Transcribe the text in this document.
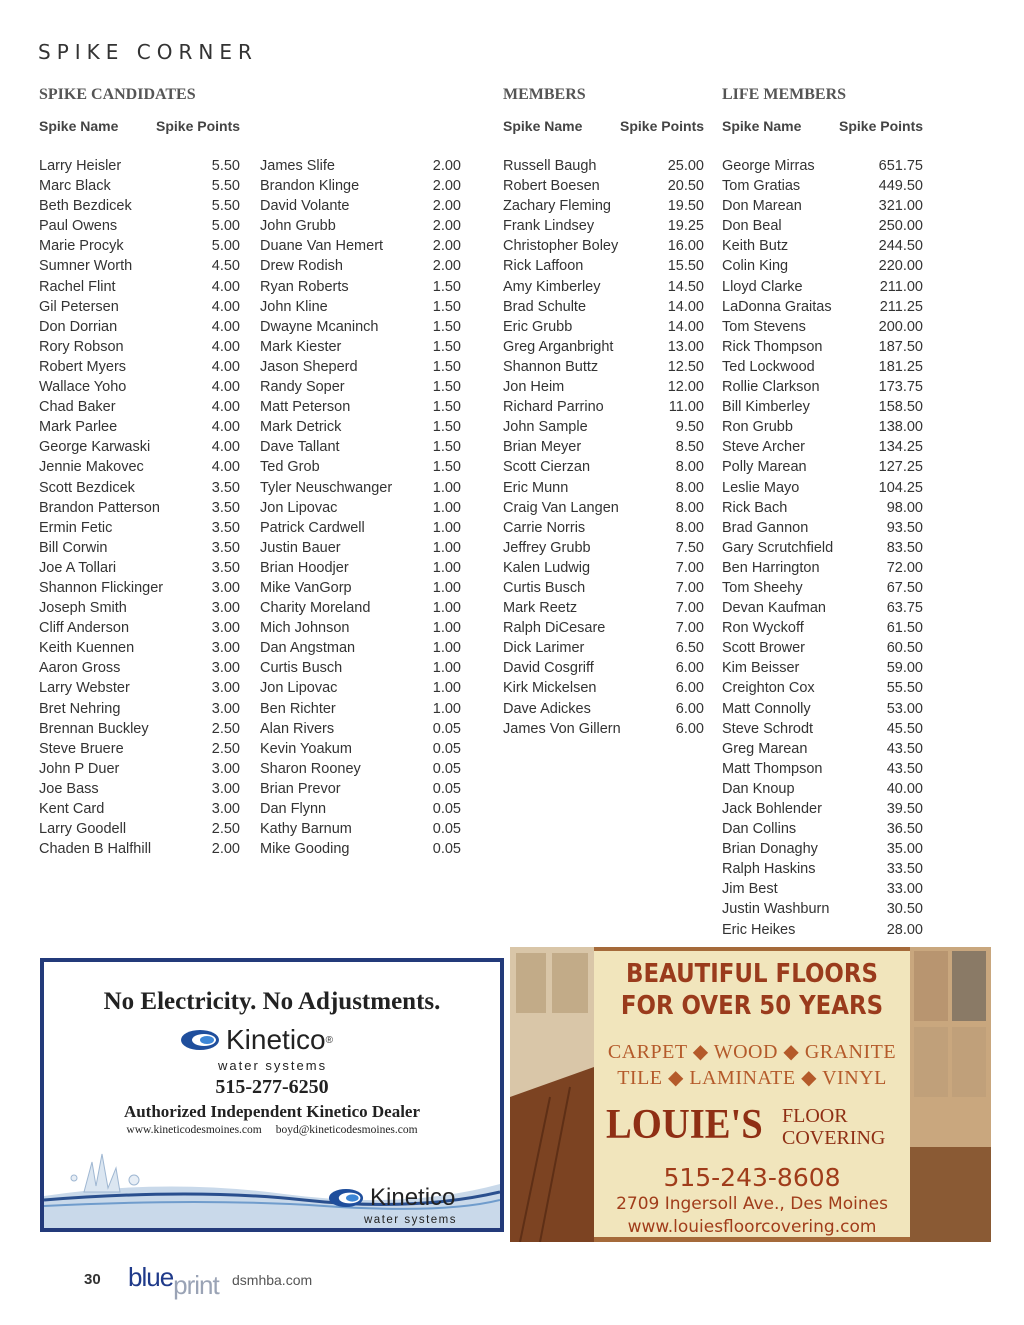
SPIKE CORNER
SPIKE CANDIDATES	MEMBERS	LIFE MEMBERS
Spike Name	Spike Points	Spike Name	Spike Points Spike Name	Spike Points
Larry Heisler	5.50
Marc Black	5.50
Beth Bezdicek	5.50
Paul Owens	5.00
Marie Procyk	5.00
Sumner Worth	4.50
Rachel Flint	4.00
Gil Petersen	4.00
Don Dorrian	4.00
Rory Robson	4.00
Robert Myers	4.00
Wallace Yoho	4.00
Chad Baker	4.00
Mark Parlee	4.00
George Karwaski	4.00
Jennie Makovec	4.00
Scott Bezdicek	3.50
Brandon Patterson	3.50
Ermin Fetic	3.50
Bill Corwin	3.50
Joe A Tollari	3.50
Shannon Flickinger	3.00
Joseph Smith	3.00
Cliff Anderson	3.00
Keith Kuennen	3.00
Aaron Gross	3.00
Larry Webster	3.00
Bret Nehring	3.00
Brennan Buckley	2.50
Steve Bruere	2.50
John P Duer	3.00
Joe Bass	3.00
Kent Card	3.00
Larry Goodell	2.50
Chaden B Halfhill	2.00
James Slife	2.00
Brandon Klinge	2.00
David Volante	2.00
John Grubb	2.00
Duane Van Hemert	2.00
Drew Rodish	2.00
Ryan Roberts	1.50
John Kline	1.50
Dwayne Mcaninch	1.50
Mark Kiester	1.50
Jason Sheperd	1.50
Randy Soper	1.50
Matt Peterson	1.50
Mark Detrick	1.50
Dave Tallant	1.50
Ted Grob	1.50
Tyler Neuschwanger	1.00
Jon Lipovac	1.00
Patrick Cardwell	1.00
Justin Bauer	1.00
Brian Hoodjer	1.00
Mike VanGorp	1.00
Charity Moreland	1.00
Mich Johnson	1.00
Dan Angstman	1.00
Curtis Busch	1.00
Jon Lipovac	1.00
Ben Richter	1.00
Alan Rivers	0.05
Kevin Yoakum	0.05
Sharon Rooney	0.05
Brian Prevor	0.05
Dan Flynn	0.05
Kathy Barnum	0.05
Mike Gooding	0.05
Russell Baugh	25.00
Robert Boesen	20.50
Zachary Fleming	19.50
Frank Lindsey	19.25
Christopher Boley	16.00
Rick Laffoon	15.50
Amy Kimberley	14.50
Brad Schulte	14.00
Eric Grubb	14.00
Greg Arganbright	13.00
Shannon Buttz	12.50
Jon Heim	12.00
Richard Parrino	11.00
John Sample	9.50
Brian Meyer	8.50
Scott Cierzan	8.00
Eric Munn	8.00
Craig Van Langen	8.00
Carrie Norris	8.00
Jeffrey Grubb	7.50
Kalen Ludwig	7.00
Curtis Busch	7.00
Mark Reetz	7.00
Ralph DiCesare	7.00
Dick Larimer	6.50
David Cosgriff	6.00
Kirk Mickelsen	6.00
Dave Adickes	6.00
James Von Gillern	6.00
George Mirras	651.75
Tom Gratias	449.50
Don Marean	321.00
Don Beal	250.00
Keith Butz	244.50
Colin King	220.00
Lloyd Clarke	211.00
LaDonna Graitas	211.25
Tom Stevens	200.00
Rick Thompson	187.50
Ted Lockwood	181.25
Rollie Clarkson	173.75
Bill Kimberley	158.50
Ron Grubb	138.00
Steve Archer	134.25
Polly Marean	127.25
Leslie Mayo	104.25
Rick Bach	98.00
Brad Gannon	93.50
Gary Scrutchfield	83.50
Ben Harrington	72.00
Tom Sheehy	67.50
Devan Kaufman	63.75
Ron Wyckoff	61.50
Scott Brower	60.50
Kim Beisser	59.00
Creighton Cox	55.50
Matt Connolly	53.00
Steve Schrodt	45.50
Greg Marean	43.50
Matt Thompson	43.50
Dan Knoup	40.00
Jack Bohlender	39.50
Dan Collins	36.50
Brian Donaghy	35.00
Ralph Haskins	33.50
Jim Best	33.00
Justin Washburn	30.50
Eric Heikes	28.00
No Electricity. No Adjustments.
Kinetico ®
water systems
515-277-6250
Authorized Independent Kinetico Dealer
www.kineticodesmoines.com boyd@kineticodesmoines.com
Kinetico
water systems
BEAUTIFUL FLOORS
FOR OVER 50 YEARS
CARPET ◆ WOOD ◆ GRANITE
TILE ◆ LAMINATE ◆ VINYL
LOUIE'S FLOOR
COVERING
515-243-8608
2709 Ingersoll Ave., Des Moines
www.louiesfloorcovering.com
30 blueprint dsmhba.com
